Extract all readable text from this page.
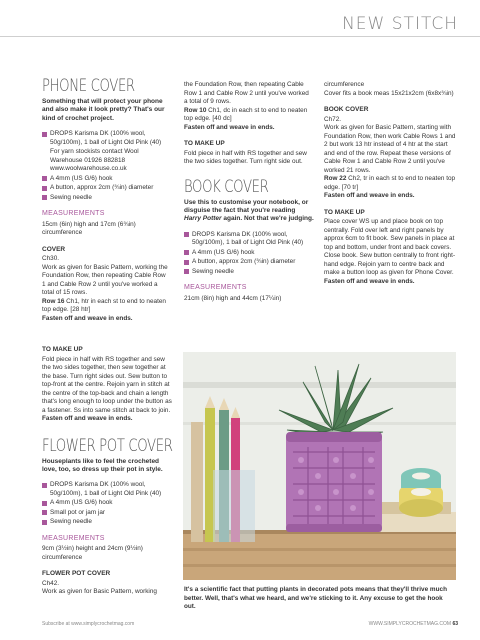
NEW STITCH
PHONE COVER
Something that will protect your phone and also make it look pretty? That's our kind of crochet project.
DROPS Karisma DK (100% wool, 50g/100m), 1 ball of Light Old Pink (40)
For yarn stockists contact Wool Warehouse 01926 882818 www.woolwarehouse.co.uk
A 4mm (US G/6) hook
A button, approx 2cm (¾in) diameter
Sewing needle
MEASUREMENTS
15cm (6in) high and 17cm (6¾in) circumference
COVER
Ch30.
Work as given for Basic Pattern, working the Foundation Row, then repeating Cable Row 1 and Cable Row 2 until you've worked a total of 15 rows.
Row 16 Ch1, htr in each st to end to neaten top edge. [28 htr]
Fasten off and weave in ends.
TO MAKE UP
Fold piece in half with RS together and sew the two sides together, then sew together at the base. Turn right sides out. Sew button to top-front at the centre. Rejoin yarn in stitch at the centre of the top-back and chain a length that's long enough to loop under the button as a fastener. Ss into same stitch at back to join.
Fasten off and weave in ends.
FLOWER POT COVER
Houseplants like to feel the crocheted love, too, so dress up their pot in style.
DROPS Karisma DK (100% wool, 50g/100m), 1 ball of Light Old Pink (40)
A 4mm (US G/6) hook
Small pot or jam jar
Sewing needle
MEASUREMENTS
9cm (3½in) height and 24cm (9½in) circumference
FLOWER POT COVER
Ch42.
Work as given for Basic Pattern, working
the Foundation Row, then repeating Cable Row 1 and Cable Row 2 until you've worked a total of 9 rows.
Row 10 Ch1, dc in each st to end to neaten top edge. [40 dc]
Fasten off and weave in ends.
TO MAKE UP
Fold piece in half with RS together and sew the two sides together. Turn right side out.
BOOK COVER
Use this to customise your notebook, or disguise the fact that you're reading Harry Potter again. Not that we're judging.
DROPS Karisma DK (100% wool, 50g/100m), 1 ball of Light Old Pink (40)
A 4mm (US G/6) hook
A button, approx 2cm (¾in) diameter
Sewing needle
MEASUREMENTS
21cm (8in) high and 44cm (17¼in)
circumference
Cover fits a book meas 15x21x2cm (6x8x¾in)
BOOK COVER
Ch72.
Work as given for Basic Pattern, starting with Foundation Row, then work Cable Rows 1 and 2 but work 13 htr instead of 4 htr at the start and end of the row. Repeat these versions of Cable Row 1 and Cable Row 2 until you've worked 21 rows.
Row 22 Ch2, tr in each st to end to neaten top edge. [70 tr]
Fasten off and weave in ends.
TO MAKE UP
Place cover WS up and place book on top centrally. Fold over left and right panels by approx 6cm to fit book. Sew panels in place at top and bottom, under front and back covers. Close book. Sew button centrally to front right-hand edge. Rejoin yarn to centre back and make a button loop as given for Phone Cover.
Fasten off and weave in ends.
It's a scientific fact that putting plants in decorated pots means that they'll thrive much better. Well, that's what we heard, and we're sticking to it. Any excuse to get the hook out.
Subscribe at www.simplycrochetmag.com	WWW.SIMPLYCROCHETMAG.COM 63
